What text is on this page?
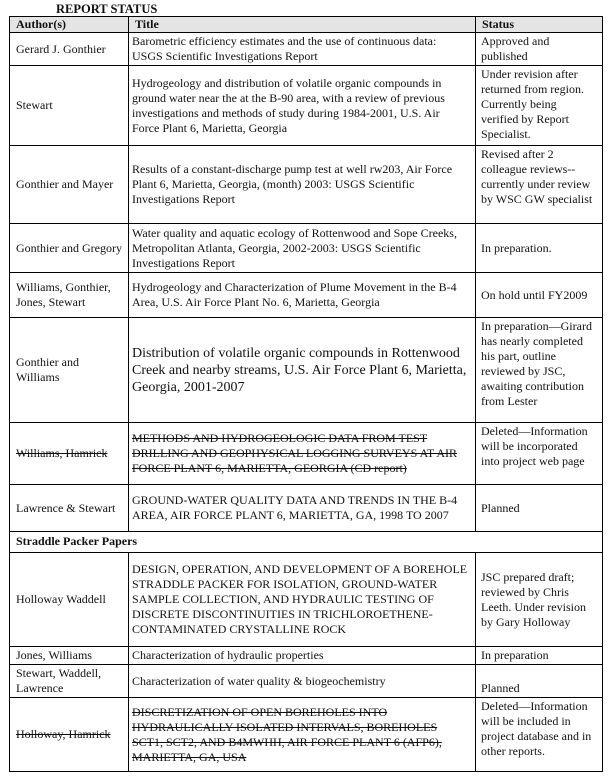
REPORT STATUS
Author(s)	Title	Status
Gerard J. Gonthier	Barometric efficiency estimates and the use of continuous data: USGS Scientific Investigations Report	Approved and published
Stewart	Hydrogeology and distribution of volatile organic compounds in ground water near the at the B-90 area, with a review of previous investigations and methods of study during 1984-2001, U.S. Air Force Plant 6, Marietta, Georgia	Under revision after returned from region. Currently being verified by Report Specialist.
Gonthier and Mayer	Results of a constant-discharge pump test at well rw203, Air Force Plant 6, Marietta, Georgia, (month) 2003: USGS Scientific Investigations Report	Revised after 2 colleague reviews--currently under review by WSC GW specialist
Gonthier and Gregory	Water quality and aquatic ecology of Rottenwood and Sope Creeks, Metropolitan Atlanta, Georgia, 2002-2003: USGS Scientific Investigations Report	In preparation.
Williams, Gonthier, Jones, Stewart	Hydrogeology and Characterization of Plume Movement in the B-4 Area, U.S. Air Force Plant No. 6, Marietta, Georgia	On hold until FY2009
Gonthier and Williams	Distribution of volatile organic compounds in Rottenwood Creek and nearby streams, U.S. Air Force Plant 6, Marietta, Georgia, 2001-2007	In preparation—Girard has nearly completed his part, outline reviewed by JSC, awaiting contribution from Lester
Williams, Hamrick	METHODS AND HYDROGEOLOGIC DATA FROM TEST DRILLING AND GEOPHYSICAL LOGGING SURVEYS AT AIR FORCE PLANT 6, MARIETTA, GEORGIA (CD report)	Deleted—Information will be incorporated into project web page
Lawrence & Stewart	GROUND-WATER QUALITY DATA AND TRENDS IN THE B-4 AREA, AIR FORCE PLANT 6, MARIETTA, GA, 1998 TO 2007	Planned
Straddle Packer Papers		
Holloway Waddell	DESIGN, OPERATION, AND DEVELOPMENT OF A BOREHOLE STRADDLE PACKER FOR ISOLATION, GROUND-WATER SAMPLE COLLECTION, AND HYDRAULIC TESTING OF DISCRETE DISCONTINUITIES IN TRICHLOROETHENE-CONTAMINATED CRYSTALLINE ROCK	JSC prepared draft; reviewed by Chris Leeth. Under revision by Gary Holloway
Jones, Williams	Characterization of hydraulic properties	In preparation
Stewart, Waddell, Lawrence	Characterization of water quality & biogeochemistry	Planned
Holloway, Hamrick	DISCRETIZATION OF OPEN BOREHOLES INTO HYDRAULICALLY ISOLATED INTERVALS, BOREHOLES SCT1, SCT2, AND B4MWHH, AIR FORCE PLANT 6 (AFP6), MARIETTA, GA, USA	Deleted—Information will be included in project database and in other reports.
